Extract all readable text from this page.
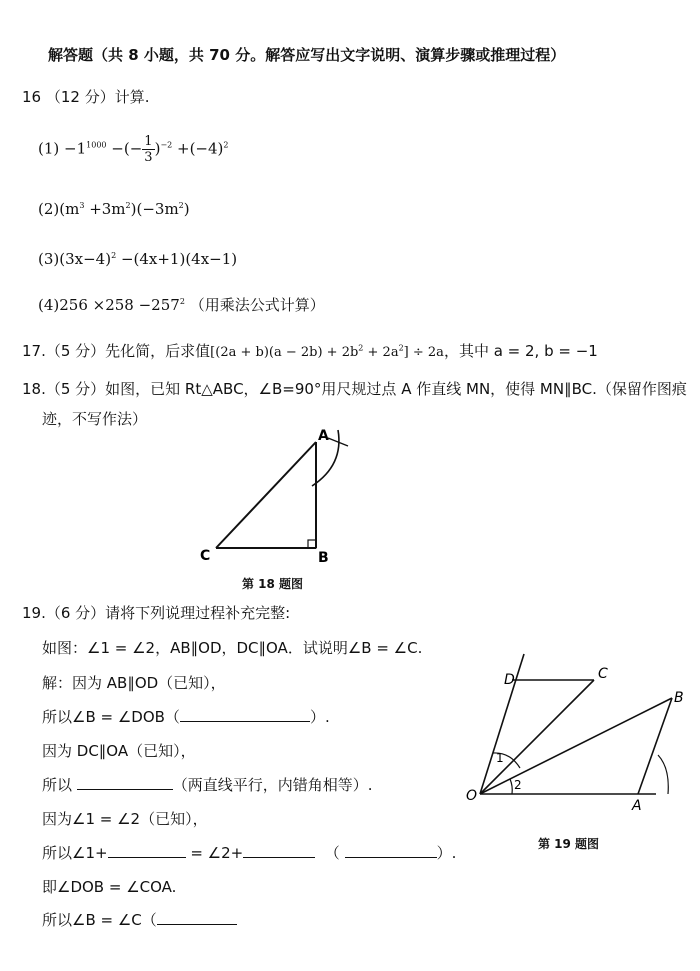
解答题（共 8 小题，共 70 分。解答应写出文字说明、演算步骤或推理过程）
16 （12 分）计算.
$(1) -1^{1000}$ −(− $\frac{1}{3} )^{-2} +(-4)^2$
$(2)(m^3 +3m^2)(-3m^2)$
$(3)(3x-4)^2 -(4x+1)(4x-1)$
$(4)256 \times 258 -257^2$ （用乘法公式计算）
17.（5 分）先化简，后求值$[(2a + b)(a - 2b) + 2b^2 + 2a^2] \div 2a$，其中 a = 2, b = −1
18.（5 分）如图，已知 Rt△ABC，∠B=90°用尺规过点 A 作直线 MN，使得 MN∥BC.（保留作图痕
迹，不写作法）
A
B
C
第 18 题图
19.（6 分）请将下列说理过程补充完整:
如图：∠1 = ∠2，AB∥OD，DC∥OA．试说明∠B = ∠C.
解：因为 AB∥OD（已知），
所以∠B = ∠DOB（	）.
因为 DC∥OA（已知），
所以	（两直线平行，内错角相等）.
因为∠1 = ∠2（已知），
所以∠1+	= ∠2+	（	）.
即∠DOB = ∠COA.
所以∠B = ∠C（
D	C
B
O
A
1
2
第 19 题图
